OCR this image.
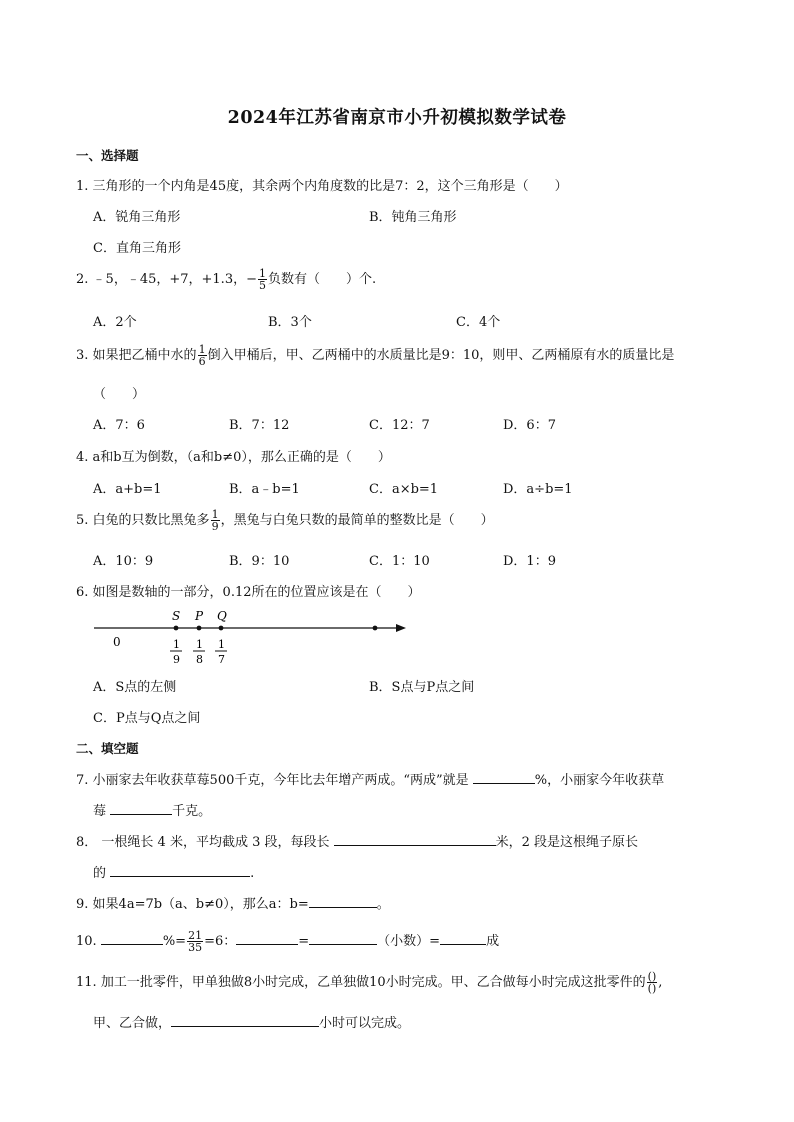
2024年江苏省南京市小升初模拟数学试卷
一、选择题
1. 三角形的一个内角是45度，其余两个内角度数的比是7：2，这个三角形是（　　）
A．锐角三角形	B．钝角三角形
C．直角三角形
2. ﹣5，﹣45，+7，+1.3，− $\frac{1}{5}$ 负数有（　　）个.
A．2个	B．3个	C．4个
3. 如果把乙桶中水的 $\frac{1}{6}$ 倒入甲桶后，甲、乙两桶中的水质量比是9：10，则甲、乙两桶原有水的质量比是
（　　）
A．7：6	B．7：12	C．12：7	D．6：7
4. a和b互为倒数，（a和b≠0），那么正确的是（　　）
A．a+b=1	B．a﹣b=1	C．a×b=1	D．a÷b=1
5. 白兔的只数比黑兔多 $\frac{1}{9}$ ，黑兔与白兔只数的最简单的整数比是（　　）
A．10：9	B．9：10	C．1：10	D．1：9
6. 如图是数轴的一部分，0.12所在的位置应该是在（　　）
S P Q
0	1
9
1
8
1
7
A．S点的左侧	B．S点与P点之间
C．P点与Q点之间
二、填空题
7. 小丽家去年收获草莓500千克，今年比去年增产两成。“两成”就是	%，小丽家今年收获草
莓	千克。
8． 一根绳长 4 米，平均截成 3 段，每段长	米，2 段是这根绳子原长
的	.
9. 如果4a=7b（a、b≠0），那么a：b=	。
10.	%= $\frac{21}{35} =6$：	=	（小数）=	成
11. 加工一批零件，甲单独做8小时完成，乙单独做10小时完成。甲、乙合做每小时完成这批零件的 $\frac{()}{()}$ ,
甲、乙合做，	小时可以完成。
